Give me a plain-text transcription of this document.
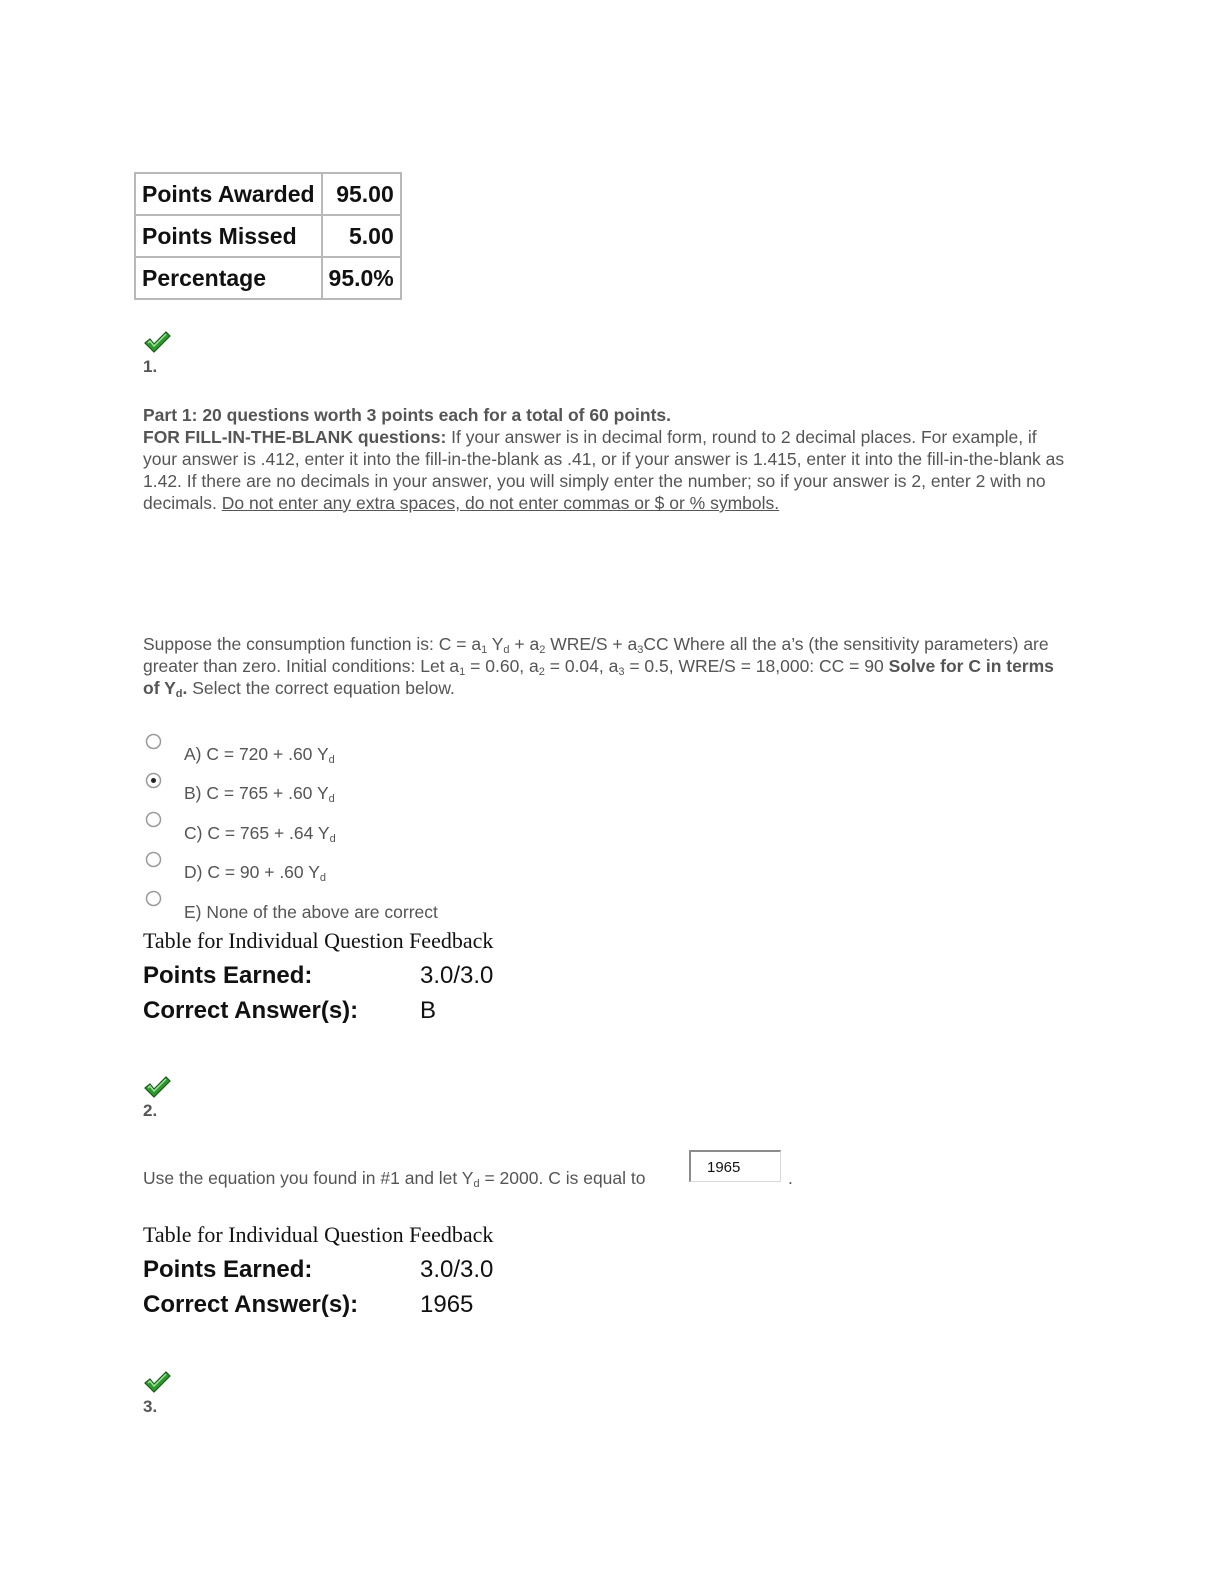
Points Awarded	95.00
Points Missed	5.00
Percentage	95.0%
1.
Part 1: 20 questions worth 3 points each for a total of 60 points.
FOR FILL-IN-THE-BLANK questions: If your answer is in decimal form, round to 2 decimal places. For example, if your answer is .412, enter it into the fill-in-the-blank as .41, or if your answer is 1.415, enter it into the fill-in-the-blank as 1.42. If there are no decimals in your answer, you will simply enter the number; so if your answer is 2, enter 2 with no decimals. Do not enter any extra spaces, do not enter commas or $ or % symbols.
Suppose the consumption function is: $C = a_1$ $Y_d + a_2$ $WRE/S + a_3CC$ Where all the a’s (the sensitivity parameters) are greater than zero. Initial conditions: Let $a_1 = 0.60$, $a_2 = 0.04$, $a_3 = 0.5$, WRE/S = 18,000: CC = 90 Solve for C in terms of $Y_d$. Select the correct equation below.
A) C = 720 + .60 $Y_d$
B) C = 765 + .60 $Y_d$
C) C = 765 + .64 $Y_d$
D) C = 90 + .60 $Y_d$
E) None of the above are correct
Table for Individual Question Feedback
Points Earned:	3.0/3.0
Correct Answer(s):	B
2.
Use the equation you found in #1 and let $Y_d = 2000$. C is equal to
1965
.
Table for Individual Question Feedback
Points Earned:	3.0/3.0
Correct Answer(s):	1965
3.
